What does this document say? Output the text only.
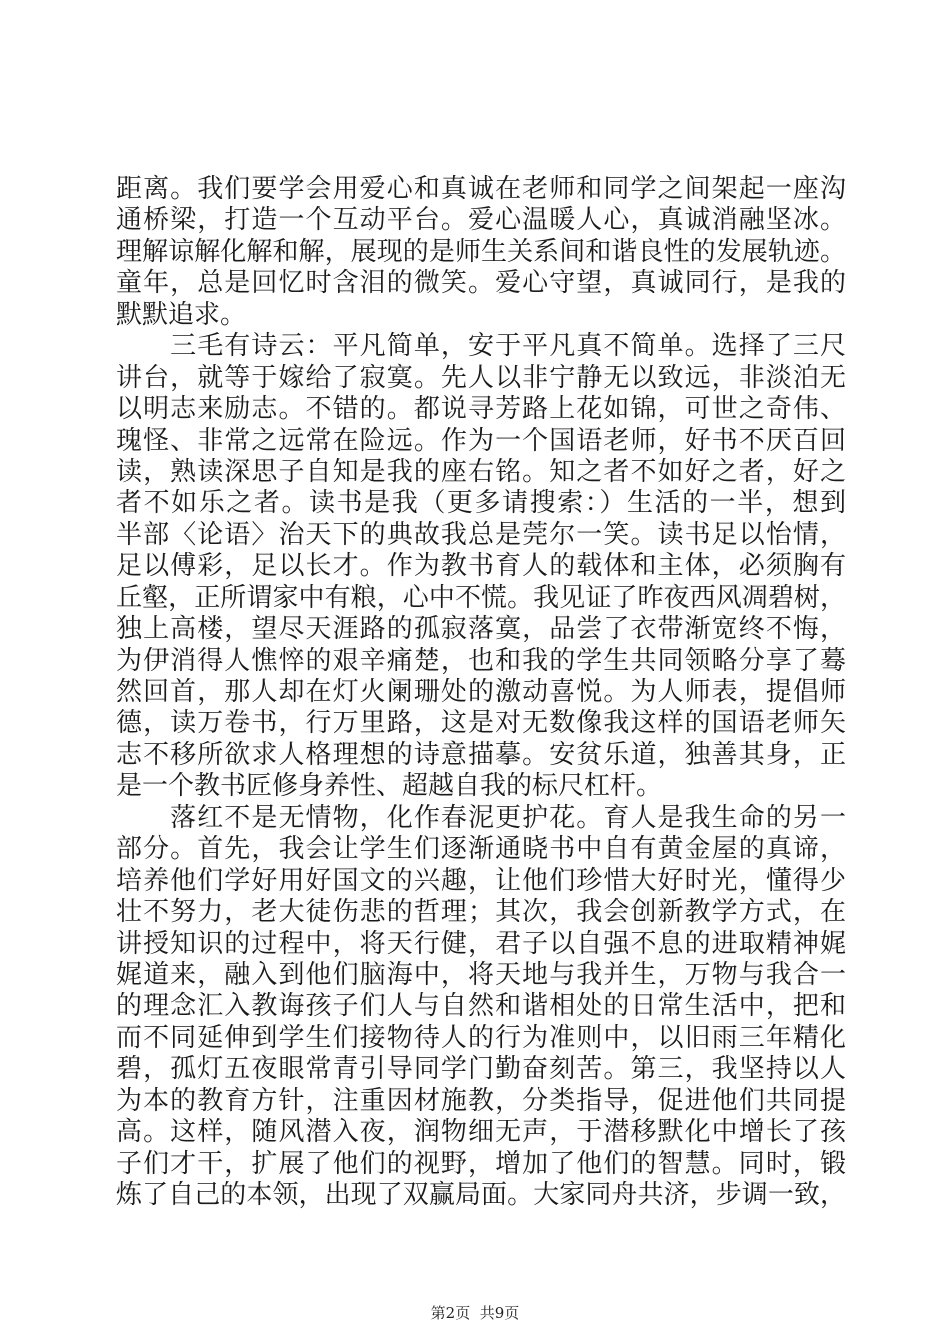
距离。我们要学会用爱心和真诚在老师和同学之间架起一座沟
通桥梁，打造一个互动平台。爱心温暖人心，真诚消融坚冰。
理解谅解化解和解，展现的是师生关系间和谐良性的发展轨迹。
童年，总是回忆时含泪的微笑。爱心守望，真诚同行，是我的
默默追求。
　　三毛有诗云：平凡简单，安于平凡真不简单。选择了三尺
讲台，就等于嫁给了寂寞。先人以非宁静无以致远，非淡泊无
以明志来励志。不错的。都说寻芳路上花如锦，可世之奇伟、
瑰怪、非常之远常在险远。作为一个国语老师，好书不厌百回
读，熟读深思子自知是我的座右铭。知之者不如好之者，好之
者不如乐之者。读书是我（更多请搜索：）生活的一半，想到
半部〈论语〉治天下的典故我总是莞尔一笑。读书足以怡情，
足以傅彩，足以长才。作为教书育人的载体和主体，必须胸有
丘壑，正所谓家中有粮，心中不慌。我见证了昨夜西风凋碧树，
独上高楼，望尽天涯路的孤寂落寞，品尝了衣带渐宽终不悔，
为伊消得人憔悴的艰辛痛楚，也和我的学生共同领略分享了蓦
然回首，那人却在灯火阑珊处的激动喜悦。为人师表，提倡师
德，读万卷书，行万里路，这是对无数像我这样的国语老师矢
志不移所欲求人格理想的诗意描摹。安贫乐道，独善其身，正
是一个教书匠修身养性、超越自我的标尺杠杆。
　　落红不是无情物，化作春泥更护花。育人是我生命的另一
部分。首先，我会让学生们逐渐通晓书中自有黄金屋的真谛，
培养他们学好用好国文的兴趣，让他们珍惜大好时光，懂得少
壮不努力，老大徒伤悲的哲理；其次，我会创新教学方式，在
讲授知识的过程中，将天行健，君子以自强不息的进取精神娓
娓道来，融入到他们脑海中，将天地与我并生，万物与我合一
的理念汇入教诲孩子们人与自然和谐相处的日常生活中，把和
而不同延伸到学生们接物待人的行为准则中，以旧雨三年精化
碧，孤灯五夜眼常青引导同学门勤奋刻苦。第三，我坚持以人
为本的教育方针，注重因材施教，分类指导，促进他们共同提
高。这样，随风潜入夜，润物细无声，于潜移默化中增长了孩
子们才干，扩展了他们的视野，增加了他们的智慧。同时，锻
炼了自己的本领，出现了双赢局面。大家同舟共济，步调一致，
第2页 共9页
